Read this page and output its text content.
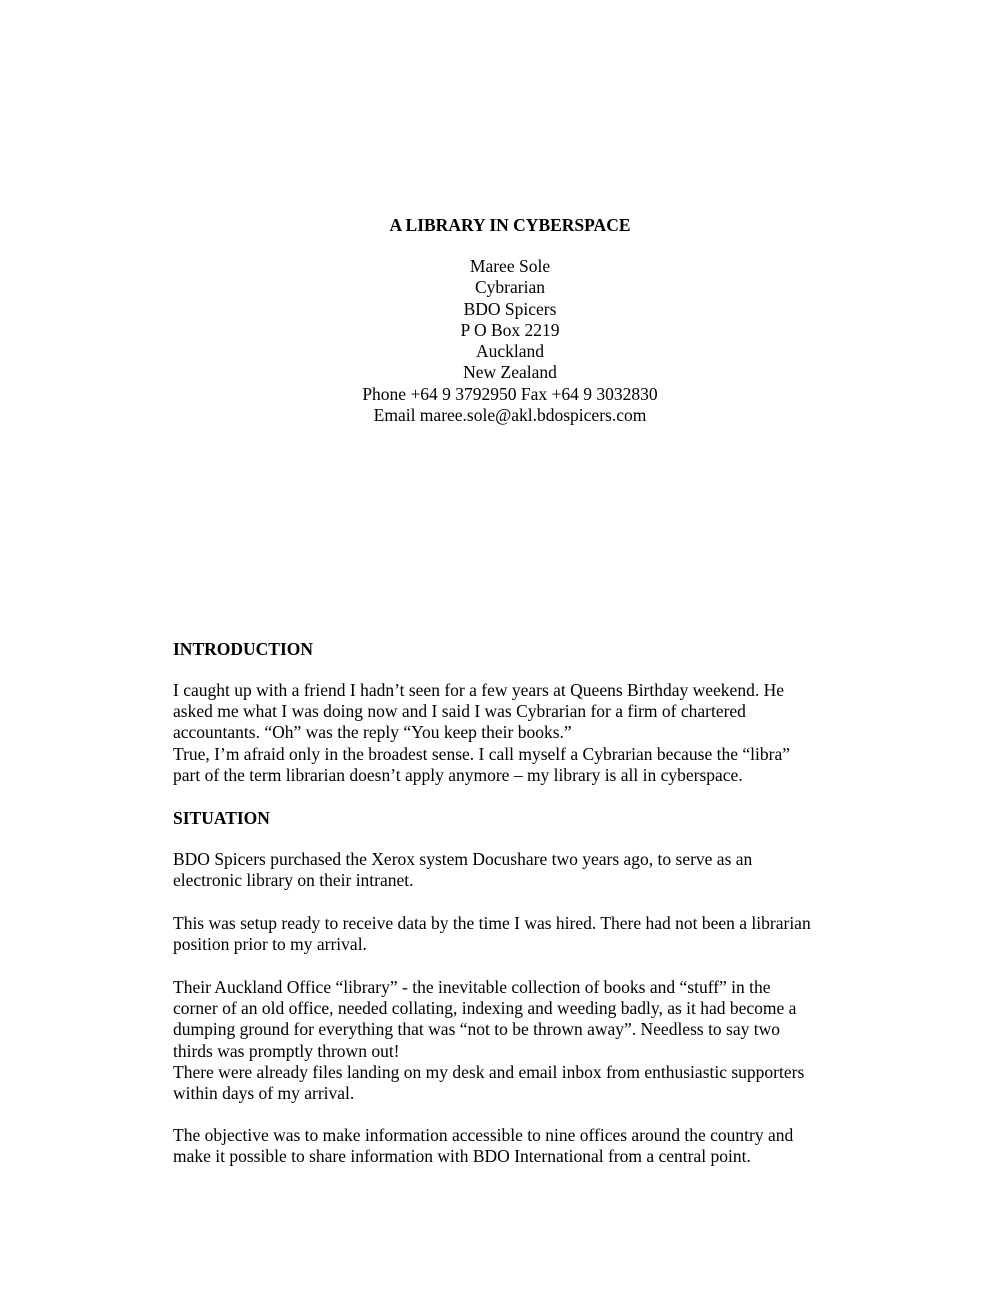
A LIBRARY IN CYBERSPACE
Maree Sole
Cybrarian
BDO Spicers
P O Box 2219
Auckland
New Zealand
Phone +64 9 3792950 Fax +64 9 3032830
Email maree.sole@akl.bdospicers.com
INTRODUCTION
I caught up with a friend I hadn’t seen for a few years at Queens Birthday weekend. He
asked me what I was doing now and I said I was Cybrarian for a firm of chartered
accountants. “Oh” was the reply “You keep their books.”
True, I’m afraid only in the broadest sense. I call myself a Cybrarian because the “libra”
part of the term librarian doesn’t apply anymore – my library is all in cyberspace.
SITUATION
BDO Spicers purchased the Xerox system Docushare two years ago, to serve as an
electronic library on their intranet.
This was setup ready to receive data by the time I was hired. There had not been a librarian
position prior to my arrival.
Their Auckland Office “library” - the inevitable collection of books and “stuff” in the
corner of an old office, needed collating, indexing and weeding badly, as it had become a
dumping ground for everything that was “not to be thrown away”. Needless to say two
thirds was promptly thrown out!
There were already files landing on my desk and email inbox from enthusiastic supporters
within days of my arrival.
The objective was to make information accessible to nine offices around the country and
make it possible to share information with BDO International from a central point.
